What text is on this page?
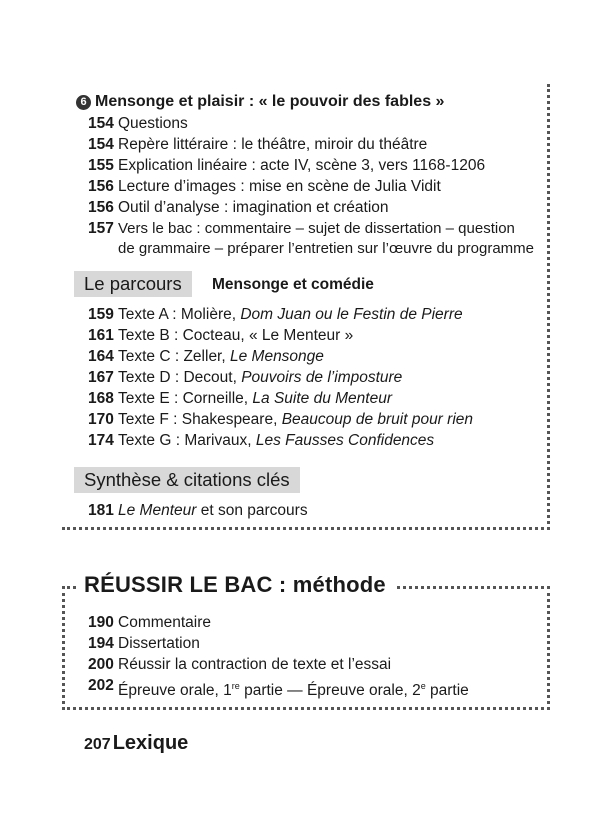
6 Mensonge et plaisir : « le pouvoir des fables »
154 Questions
154 Repère littéraire : le théâtre, miroir du théâtre
155 Explication linéaire : acte IV, scène 3, vers 1168-1206
156 Lecture d’images : mise en scène de Julia Vidit
156 Outil d’analyse : imagination et création
157 Vers le bac : commentaire – sujet de dissertation – question
de grammaire – préparer l’entretien sur l’œuvre du programme
Le parcours	Mensonge et comédie
159 Texte A : Molière, Dom Juan ou le Festin de Pierre
161 Texte B : Cocteau, « Le Menteur »
164 Texte C : Zeller, Le Mensonge
167 Texte D : Decout, Pouvoirs de l’imposture
168 Texte E : Corneille, La Suite du Menteur
170 Texte F : Shakespeare, Beaucoup de bruit pour rien
174 Texte G : Marivaux, Les Fausses Confidences
Synthèse & citations clés
181 Le Menteur et son parcours
RÉUSSIR LE BAC : méthode
190 Commentaire
194 Dissertation
200 Réussir la contraction de texte et l’essai
202 Épreuve orale, 1re partie — Épreuve orale, 2e partie
207 Lexique
